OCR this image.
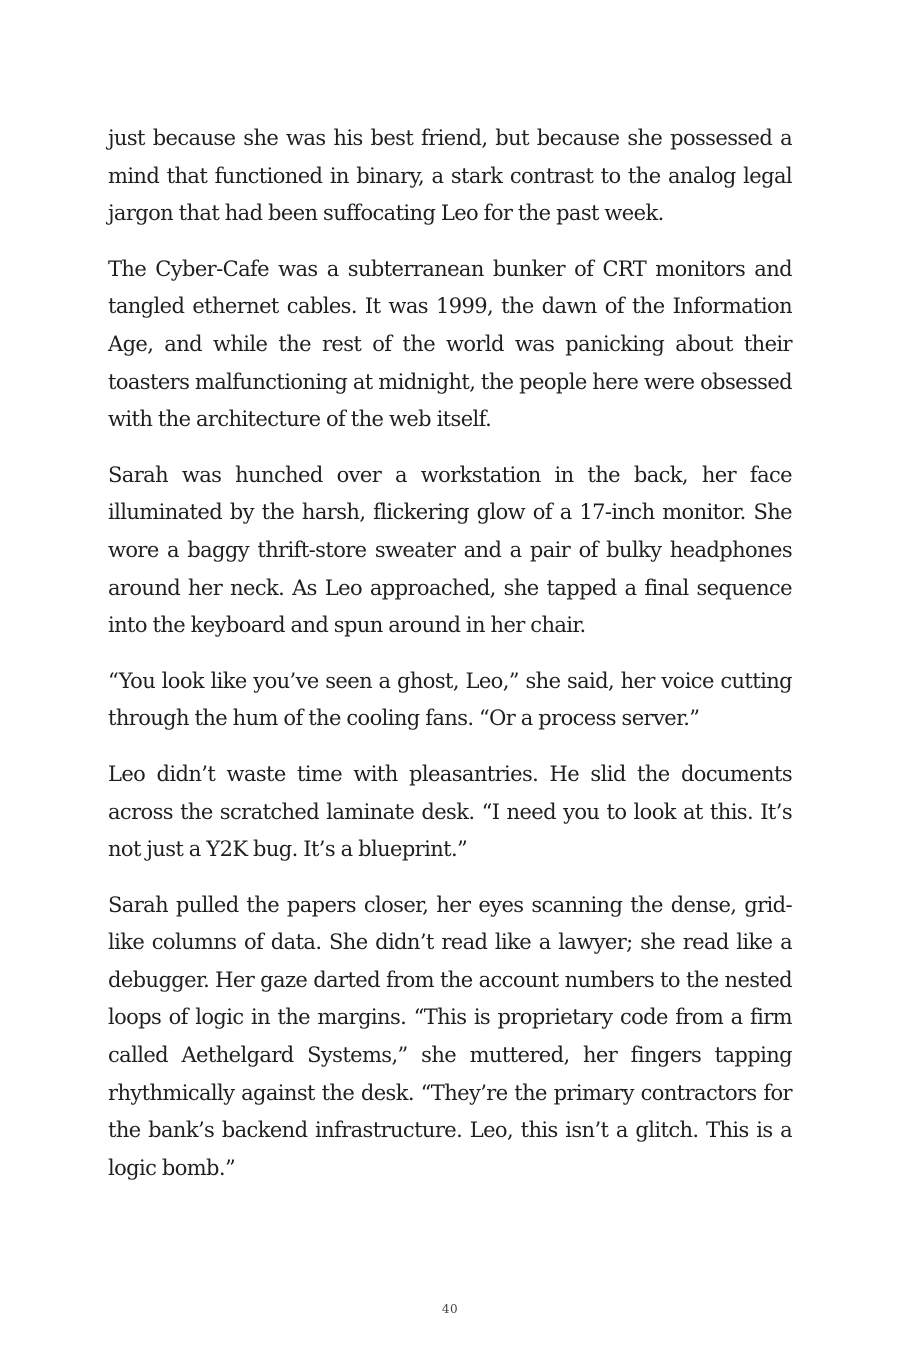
just because she was his best friend, but because she possessed a mind that functioned in binary, a stark contrast to the analog legal jargon that had been suffocating Leo for the past week.

The Cyber-Cafe was a subterranean bunker of CRT monitors and tangled ethernet cables. It was 1999, the dawn of the Information Age, and while the rest of the world was panicking about their toasters malfunctioning at midnight, the people here were obsessed with the architecture of the web itself.

Sarah was hunched over a workstation in the back, her face illuminated by the harsh, flickering glow of a 17-inch monitor. She wore a baggy thrift-store sweater and a pair of bulky headphones around her neck. As Leo approached, she tapped a final sequence into the keyboard and spun around in her chair.

“You look like you’ve seen a ghost, Leo,” she said, her voice cutting through the hum of the cooling fans. “Or a process server.”

Leo didn’t waste time with pleasantries. He slid the documents across the scratched laminate desk. “I need you to look at this. It’s not just a Y2K bug. It’s a blueprint.”

Sarah pulled the papers closer, her eyes scanning the dense, grid-like columns of data. She didn’t read like a lawyer; she read like a debugger. Her gaze darted from the account numbers to the nested loops of logic in the margins. “This is proprietary code from a firm called Aethelgard Systems,” she muttered, her fingers tapping rhythmically against the desk. “They’re the primary contractors for the bank’s backend infrastructure. Leo, this isn’t a glitch. This is a logic bomb.”

40
